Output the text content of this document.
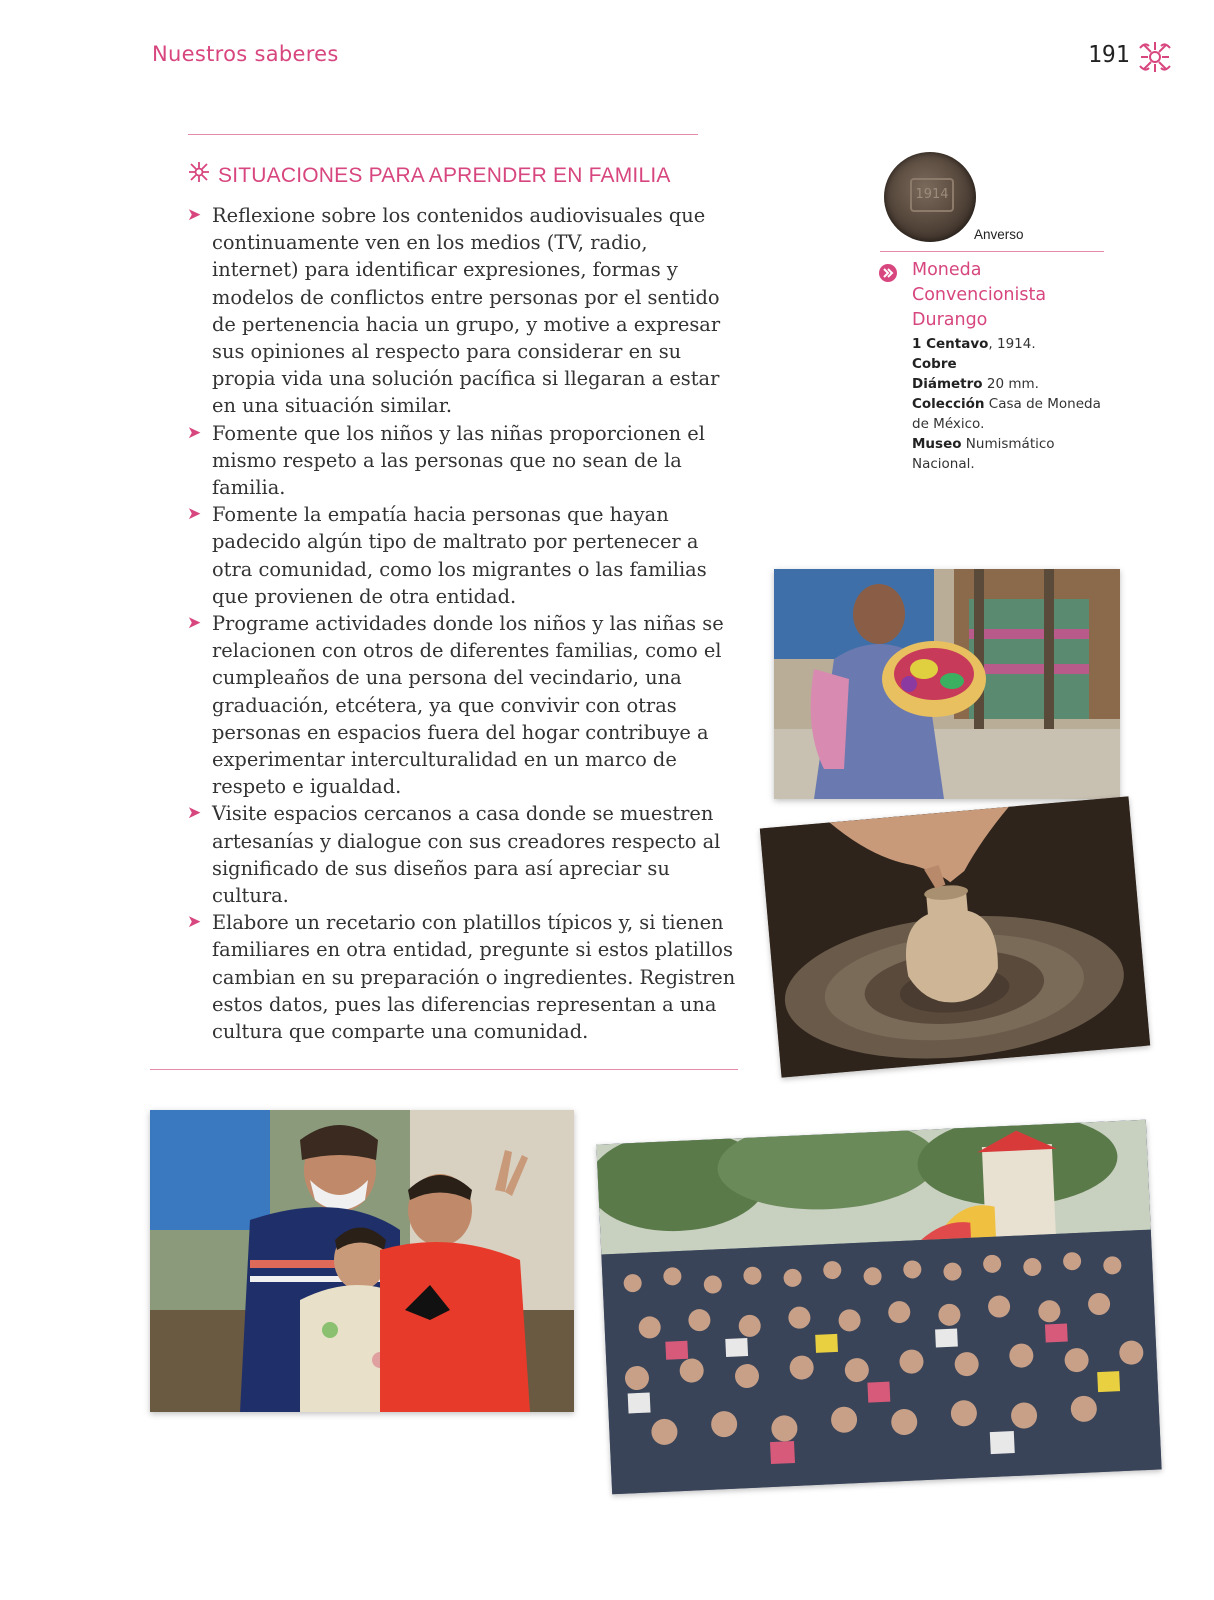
Nuestros saberes	191
SITUACIONES PARA APRENDER EN FAMILIA
➤ Reflexione sobre los contenidos audiovisuales que continuamente ven en los medios (TV, radio, internet) para identificar expresiones, formas y modelos de conflictos entre personas por el sentido de pertenencia hacia un grupo, y motive a expresar sus opiniones al respecto para considerar en su propia vida una solución pacífica si llegaran a estar en una situación similar.
➤ Fomente que los niños y las niñas proporcionen el mismo respeto a las personas que no sean de la familia.
➤ Fomente la empatía hacia personas que hayan padecido algún tipo de maltrato por pertenecer a otra comunidad, como los migrantes o las familias que provienen de otra entidad.
➤ Programe actividades donde los niños y las niñas se relacionen con otros de diferentes familias, como el cumpleaños de una persona del vecindario, una graduación, etcétera, ya que convivir con otras personas en espacios fuera del hogar contribuye a experimentar interculturalidad en un marco de respeto e igualdad.
➤ Visite espacios cercanos a casa donde se muestren artesanías y dialogue con sus creadores respecto al significado de sus diseños para así apreciar su cultura.
➤ Elabore un recetario con platillos típicos y, si tienen familiares en otra entidad, pregunte si estos platillos cambian en su preparación o ingredientes. Registren estos datos, pues las diferencias representan a una cultura que comparte una comunidad.
1914
Anverso
Moneda Convencionista Durango
1 Centavo, 1914.
Cobre
Diámetro 20 mm.
Colección Casa de Moneda de México.
Museo Numismático Nacional.
